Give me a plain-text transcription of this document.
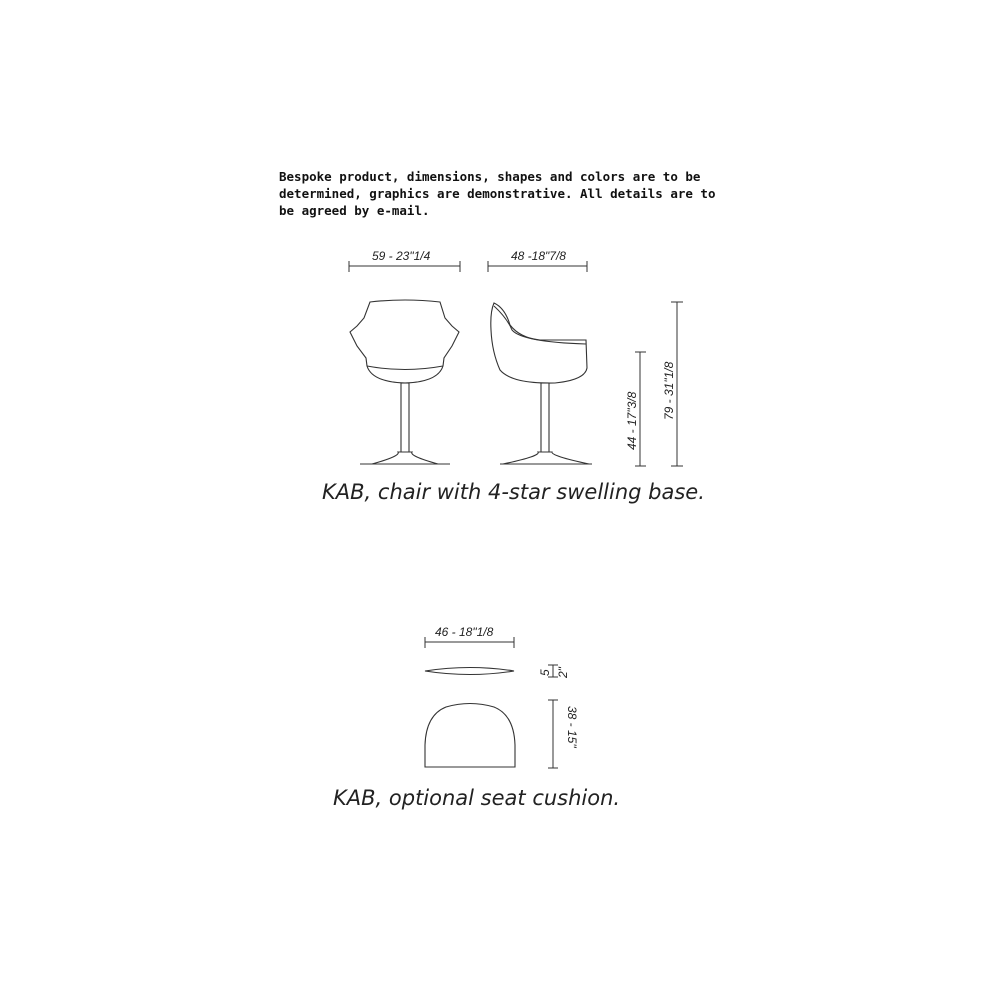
Bespoke product, dimensions, shapes and colors are to be
determined, graphics are demonstrative. All details are to
be agreed by e-mail.
59 - 23"1/4	48 -18"7/8
44 - 17"3/8
79 - 31"1/8
46 - 18"1/8
5 2"
38 - 15"
KAB, chair with 4-star swelling base.
KAB, optional seat cushion.
